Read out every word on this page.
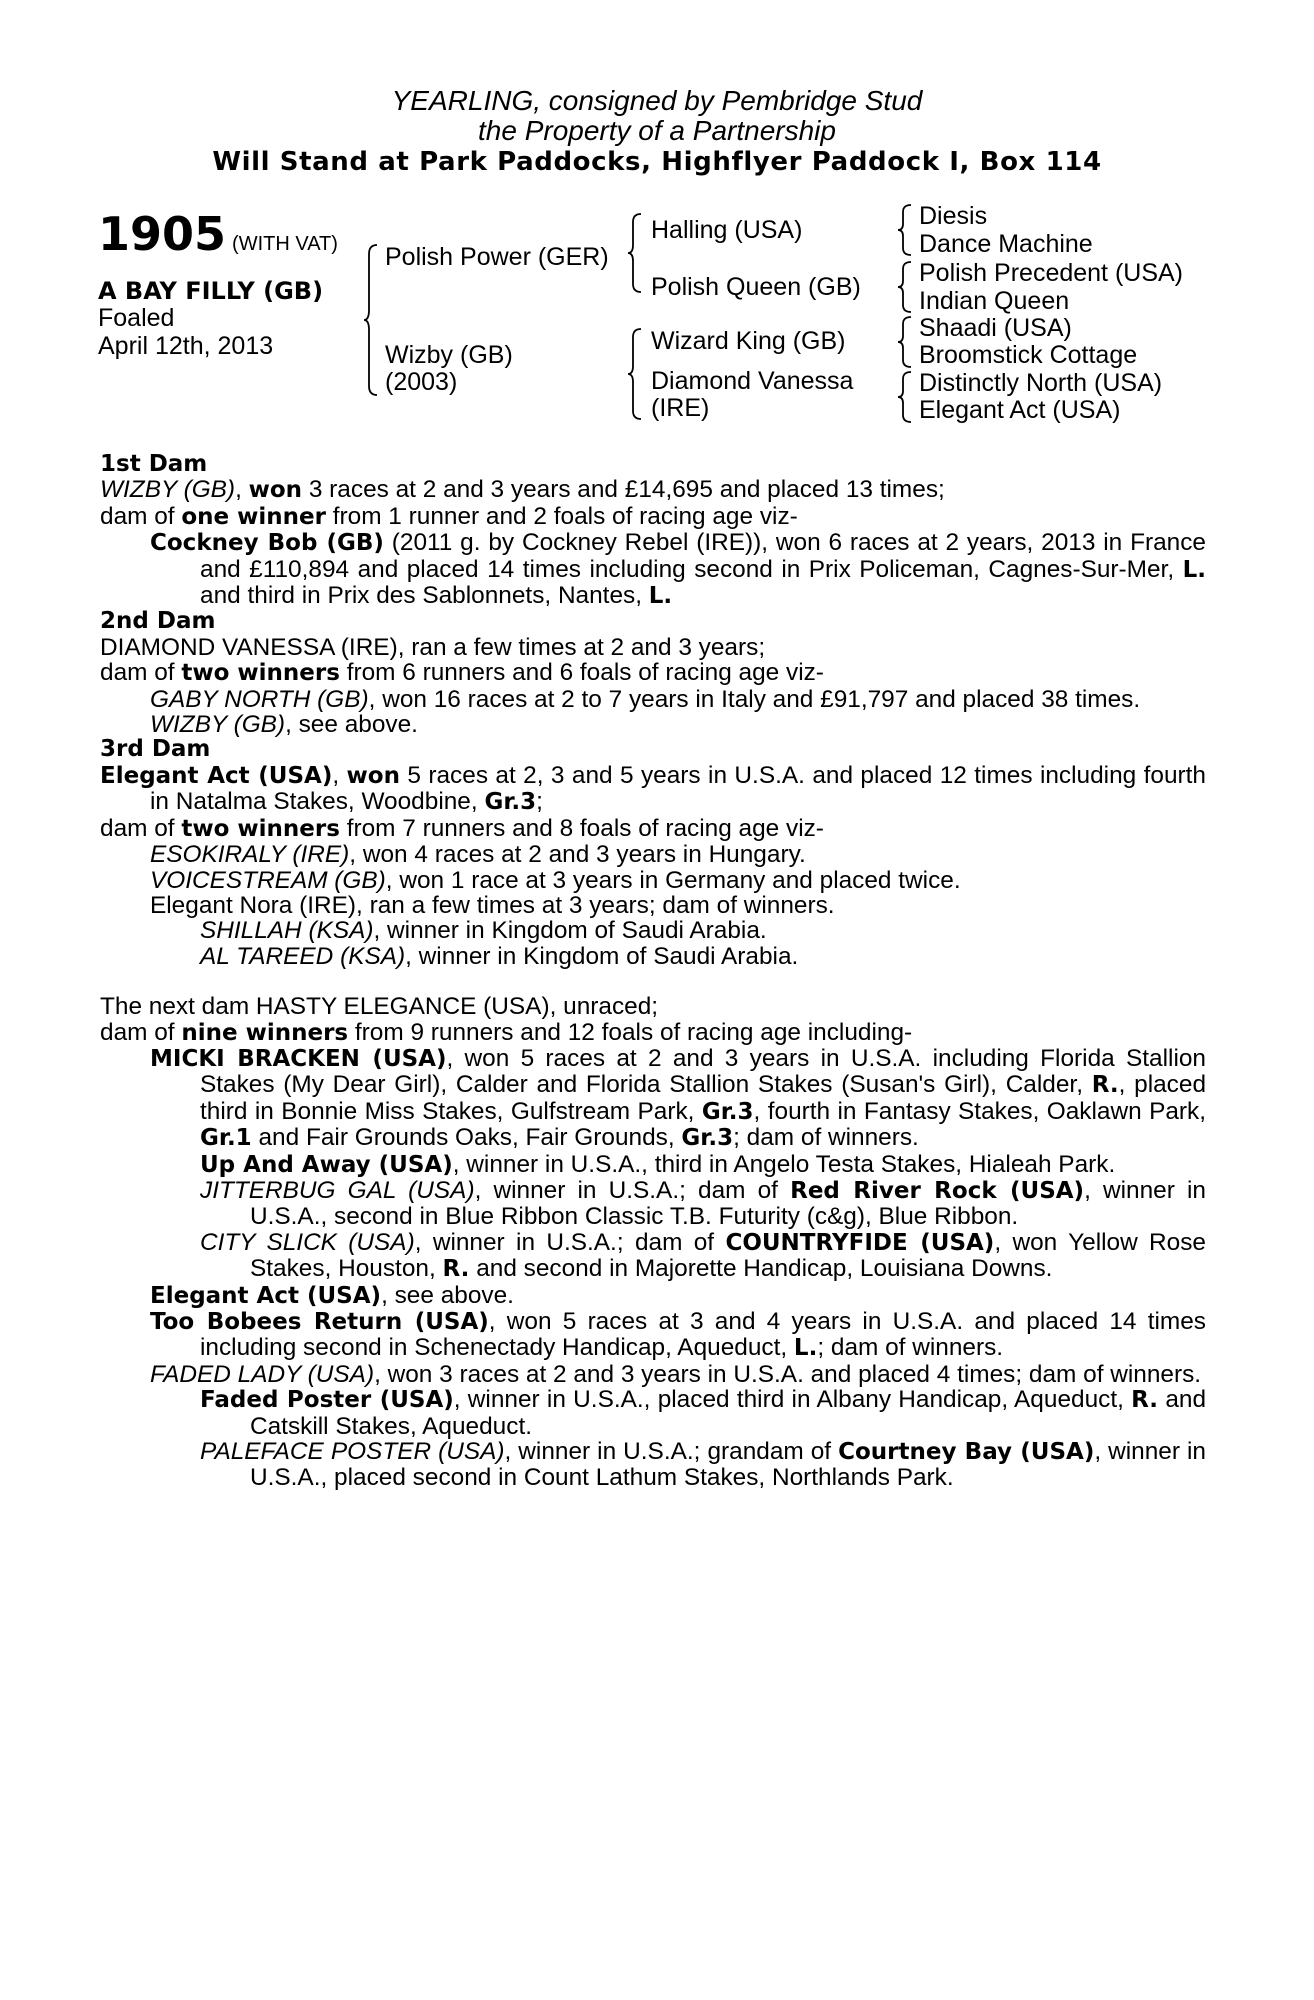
YEARLING, consigned by Pembridge Stud
the Property of a Partnership
Will Stand at Park Paddocks, Highflyer Paddock I, Box 114
1905 (WITH VAT)
A BAY FILLY (GB)
Foaled
April 12th, 2013
Polish Power (GER)
Wizby (GB)
(2003)
Halling (USA)
Polish Queen (GB)
Wizard King (GB)
Diamond Vanessa
(IRE)
Diesis
Dance Machine
Polish Precedent (USA)
Indian Queen
Shaadi (USA)
Broomstick Cottage
Distinctly North (USA)
Elegant Act (USA)

1st Dam

WIZBY (GB), won 3 races at 2 and 3 years and £14,695 and placed 13 times;

dam of one winner from 1 runner and 2 foals of racing age viz-

Cockney Bob (GB) (2011 g. by Cockney Rebel (IRE)), won 6 races at 2 years, 2013 in France and £110,894 and placed 14 times including second in Prix Policeman, Cagnes-Sur-Mer, L. and third in Prix des Sablonnets, Nantes, L.

2nd Dam

DIAMOND VANESSA (IRE), ran a few times at 2 and 3 years;

dam of two winners from 6 runners and 6 foals of racing age viz-

GABY NORTH (GB), won 16 races at 2 to 7 years in Italy and £91,797 and placed 38 times.

WIZBY (GB), see above.

3rd Dam

Elegant Act (USA), won 5 races at 2, 3 and 5 years in U.S.A. and placed 12 times including fourth in Natalma Stakes, Woodbine, Gr.3;

dam of two winners from 7 runners and 8 foals of racing age viz-

ESOKIRALY (IRE), won 4 races at 2 and 3 years in Hungary.

VOICESTREAM (GB), won 1 race at 3 years in Germany and placed twice.

Elegant Nora (IRE), ran a few times at 3 years; dam of winners.

SHILLAH (KSA), winner in Kingdom of Saudi Arabia.

AL TAREED (KSA), winner in Kingdom of Saudi Arabia.

The next dam HASTY ELEGANCE (USA), unraced;

dam of nine winners from 9 runners and 12 foals of racing age including-

MICKI BRACKEN (USA), won 5 races at 2 and 3 years in U.S.A. including Florida Stallion Stakes (My Dear Girl), Calder and Florida Stallion Stakes (Susan's Girl), Calder, R., placed third in Bonnie Miss Stakes, Gulfstream Park, Gr.3, fourth in Fantasy Stakes, Oaklawn Park, Gr.1 and Fair Grounds Oaks, Fair Grounds, Gr.3; dam of winners.

Up And Away (USA), winner in U.S.A., third in Angelo Testa Stakes, Hialeah Park.

JITTERBUG GAL (USA), winner in U.S.A.; dam of Red River Rock (USA), winner in U.S.A., second in Blue Ribbon Classic T.B. Futurity (c&g), Blue Ribbon.

CITY SLICK (USA), winner in U.S.A.; dam of COUNTRYFIDE (USA), won Yellow Rose Stakes, Houston, R. and second in Majorette Handicap, Louisiana Downs.

Elegant Act (USA), see above.

Too Bobees Return (USA), won 5 races at 3 and 4 years in U.S.A. and placed 14 times including second in Schenectady Handicap, Aqueduct, L.; dam of winners.

FADED LADY (USA), won 3 races at 2 and 3 years in U.S.A. and placed 4 times; dam of winners.

Faded Poster (USA), winner in U.S.A., placed third in Albany Handicap, Aqueduct, R. and Catskill Stakes, Aqueduct.

PALEFACE POSTER (USA), winner in U.S.A.; grandam of Courtney Bay (USA), winner in U.S.A., placed second in Count Lathum Stakes, Northlands Park.
